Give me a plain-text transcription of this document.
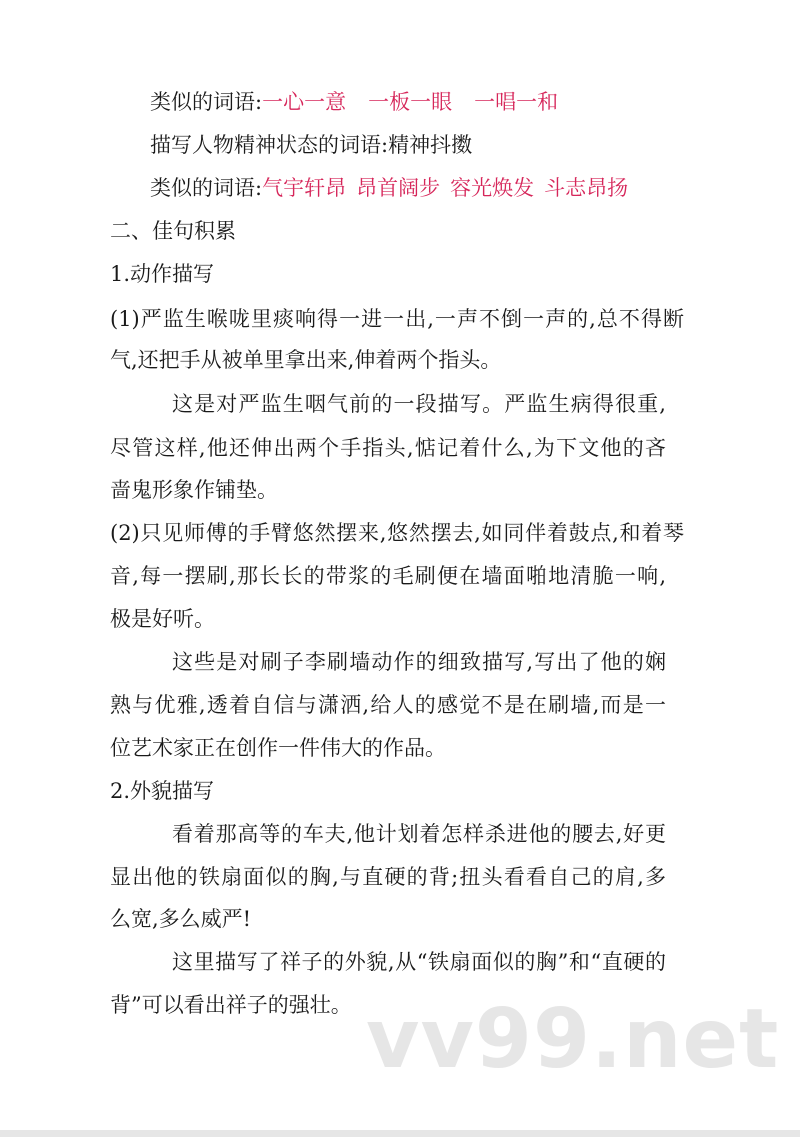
类似的词语:一心一意 一板一眼 一唱一和
描写人物精神状态的词语:精神抖擞
类似的词语:气宇轩昂 昂首阔步 容光焕发 斗志昂扬
二、佳句积累
1.动作描写
(1)严监生喉咙里痰响得一进一出,一声不倒一声的,总不得断
气,还把手从被单里拿出来,伸着两个指头。
这是对严监生咽气前的一段描写。严监生病得很重,
尽管这样,他还伸出两个手指头,惦记着什么,为下文他的吝
啬鬼形象作铺垫。
(2)只见师傅的手臂悠然摆来,悠然摆去,如同伴着鼓点,和着琴
音,每一摆刷,那长长的带浆的毛刷便在墙面啪地清脆一响,
极是好听。
这些是对刷子李刷墙动作的细致描写,写出了他的娴
熟与优雅,透着自信与潇洒,给人的感觉不是在刷墙,而是一
位艺术家正在创作一件伟大的作品。
2.外貌描写
看着那高等的车夫,他计划着怎样杀进他的腰去,好更
显出他的铁扇面似的胸,与直硬的背;扭头看看自己的肩,多
么宽,多么威严!
这里描写了祥子的外貌,从“铁扇面似的胸”和“直硬的
背”可以看出祥子的强壮。 vv99.net
